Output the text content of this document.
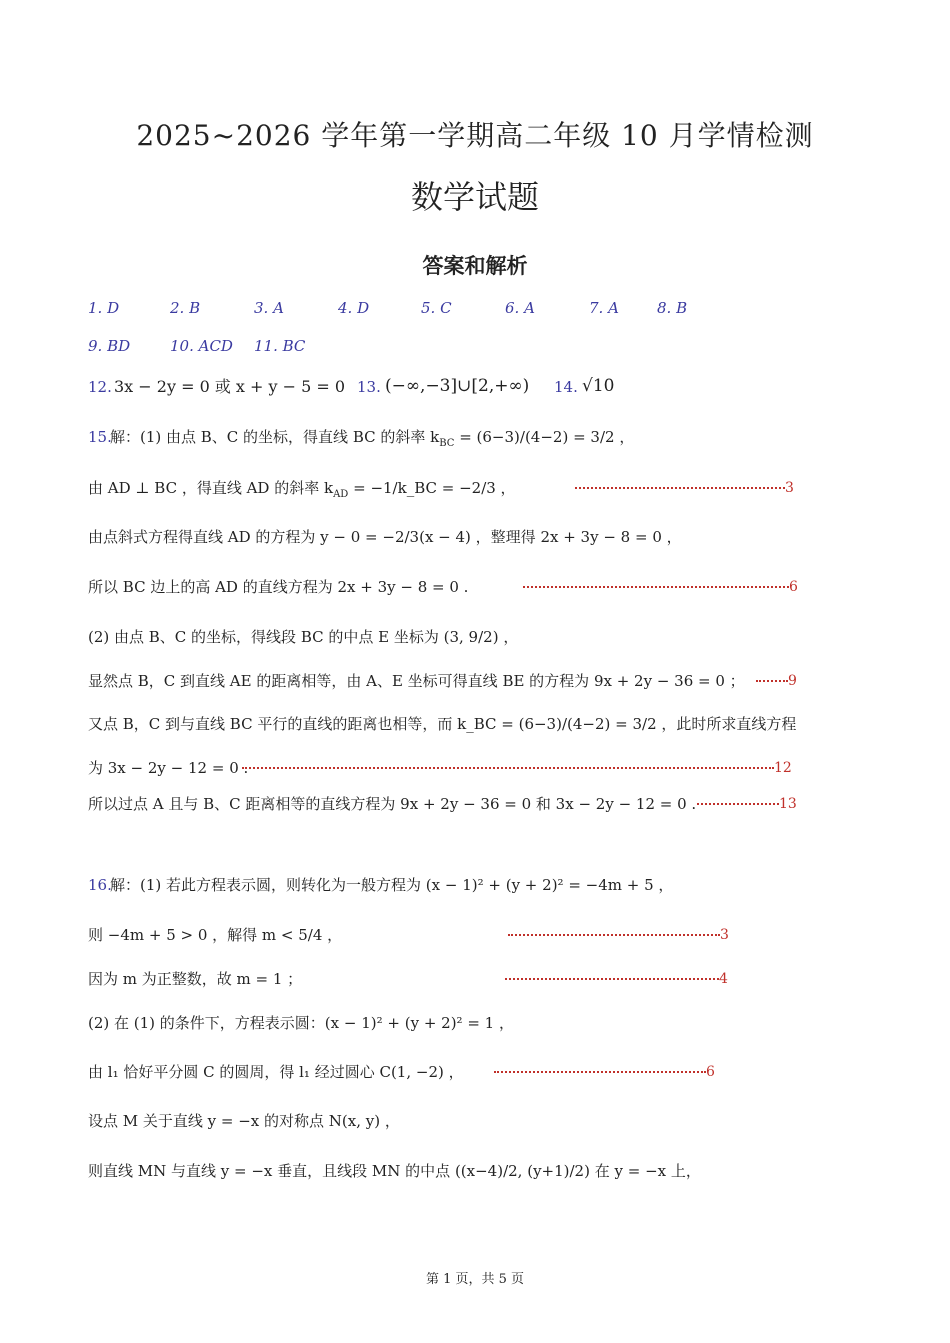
2025~2026 学年第一学期高二年级 10 月学情检测
数学试题
答案和解析
1. D	2. B	3. A	4. D	5. C	6. A	7. A	8. B
9. BD	10. ACD 11. BC
12. 3x − 2y = 0 或 x + y − 5 = 0 13. (−∞,−3]∪[2,+∞) 14. √10
15.
解：(1) 由点 B、C 的坐标，得直线 BC 的斜率 $k_{BC} = (6-3)/(4-2) = 3/2$ ，
由 AD ⊥ BC ，得直线 AD 的斜率 $k_{AD}$ = −1/k_BC = −2/3 ，	3
由点斜式方程得直线 AD 的方程为 y − 0 = −2/3(x − 4) ，整理得 2x + 3y − 8 = 0 ，
所以 BC 边上的高 AD 的直线方程为 2x + 3y − 8 = 0 .	6
(2) 由点 B、C 的坐标，得线段 BC 的中点 E 坐标为 (3, 9/2) ，
显然点 B，C 到直线 AE 的距离相等，由 A、E 坐标可得直线 BE 的方程为 9x + 2y − 36 = 0 ；	9
又点 B，C 到与直线 BC 平行的直线的距离也相等，而 k_BC = (6−3)/(4−2) = 3/2 ，此时所求直线方程
为 3x − 2y − 12 = 0 .	12
所以过点 A 且与 B、C 距离相等的直线方程为 9x + 2y − 36 = 0 和 3x − 2y − 12 = 0 .	13
16.
解：(1) 若此方程表示圆，则转化为一般方程为 (x − 1)² + (y + 2)² = −4m + 5 ，
则 −4m + 5 > 0 ，解得 m < 5/4 ，	3
因为 m 为正整数，故 m = 1 ；	4
(2) 在 (1) 的条件下，方程表示圆：(x − 1)² + (y + 2)² = 1 ，
由 l₁ 恰好平分圆 C 的圆周，得 l₁ 经过圆心 C(1, −2) ，	6
设点 M 关于直线 y = −x 的对称点 N(x, y) ，
则直线 MN 与直线 y = −x 垂直，且线段 MN 的中点 ((x−4)/2, (y+1)/2) 在 y = −x 上，
第 1 页，共 5 页
